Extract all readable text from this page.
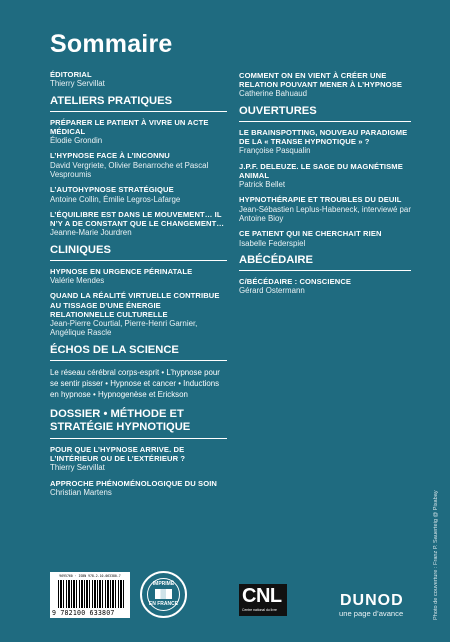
Sommaire
ÉDITORIAL
Thierry Servillat
ATELIERS PRATIQUES
PRÉPARER LE PATIENT À VIVRE UN ACTE MÉDICAL
Élodie Grondin
L’HYPNOSE FACE À L’INCONNU
David Vergriete, Olivier Benarroche et Pascal Vesproumis
L’AUTOHYPNOSE STRATÉGIQUE
Antoine Collin, Émilie Legros-Lafarge
L’ÉQUILIBRE EST DANS LE MOUVEMENT… IL N’Y A DE CONSTANT QUE LE CHANGEMENT…
Jeanne-Marie Jourdren
CLINIQUES
HYPNOSE EN URGENCE PÉRINATALE
Valérie Mendes
QUAND LA RÉALITÉ VIRTUELLE CONTRIBUE AU TISSAGE D’UNE ÉNERGIE RELATIONNELLE CULTURELLE
Jean-Pierre Courtial, Pierre-Henri Garnier, Angélique Rascle
ÉCHOS DE LA SCIENCE
Le réseau cérébral corps-esprit • L’hypnose pour se sentir pisser • Hypnose et cancer • Inductions en hypnose • Hypnogenèse et Erickson
DOSSIER • MÉTHODE ET STRATÉGIE HYPNOTIQUE
POUR QUE L’HYPNOSE ARRIVE. DE L’INTÉRIEUR OU DE L’EXTÉRIEUR ?
Thierry Servillat
APPROCHE PHÉNOMÉNOLOGIQUE DU SOIN
Christian Martens
COMMENT ON EN VIENT À CRÉER UNE RELATION POUVANT MENER À L’HYPNOSE
Catherine Bahuaud
OUVERTURES
LE BRAINSPOTTING, NOUVEAU PARADIGME DE LA « TRANSE HYPNOTIQUE » ?
Françoise Pasqualin
J.P.F. DELEUZE. LE SAGE DU MAGNÉTISME ANIMAL
Patrick Bellet
HYPNOTHÉRAPIE ET TROUBLES DU DEUIL
Jean-Sébastien Leplus-Habeneck, interviewé par Antoine Bioy
CE PATIENT QUI NE CHERCHAIT RIEN
Isabelle Federspiel
ABÉCÉDAIRE
C/BÉCÉDAIRE : CONSCIENCE
Gérard Ostermann
9695760 · ISBN 978-2-10-063380-7
9 782100 633807
IMPRIMÉ
EN FRANCE	CNL
Centre national du livre
DUNOD
une page d’avance	Photo de couverture : Franz P. Sauerteig @ Pixabay
